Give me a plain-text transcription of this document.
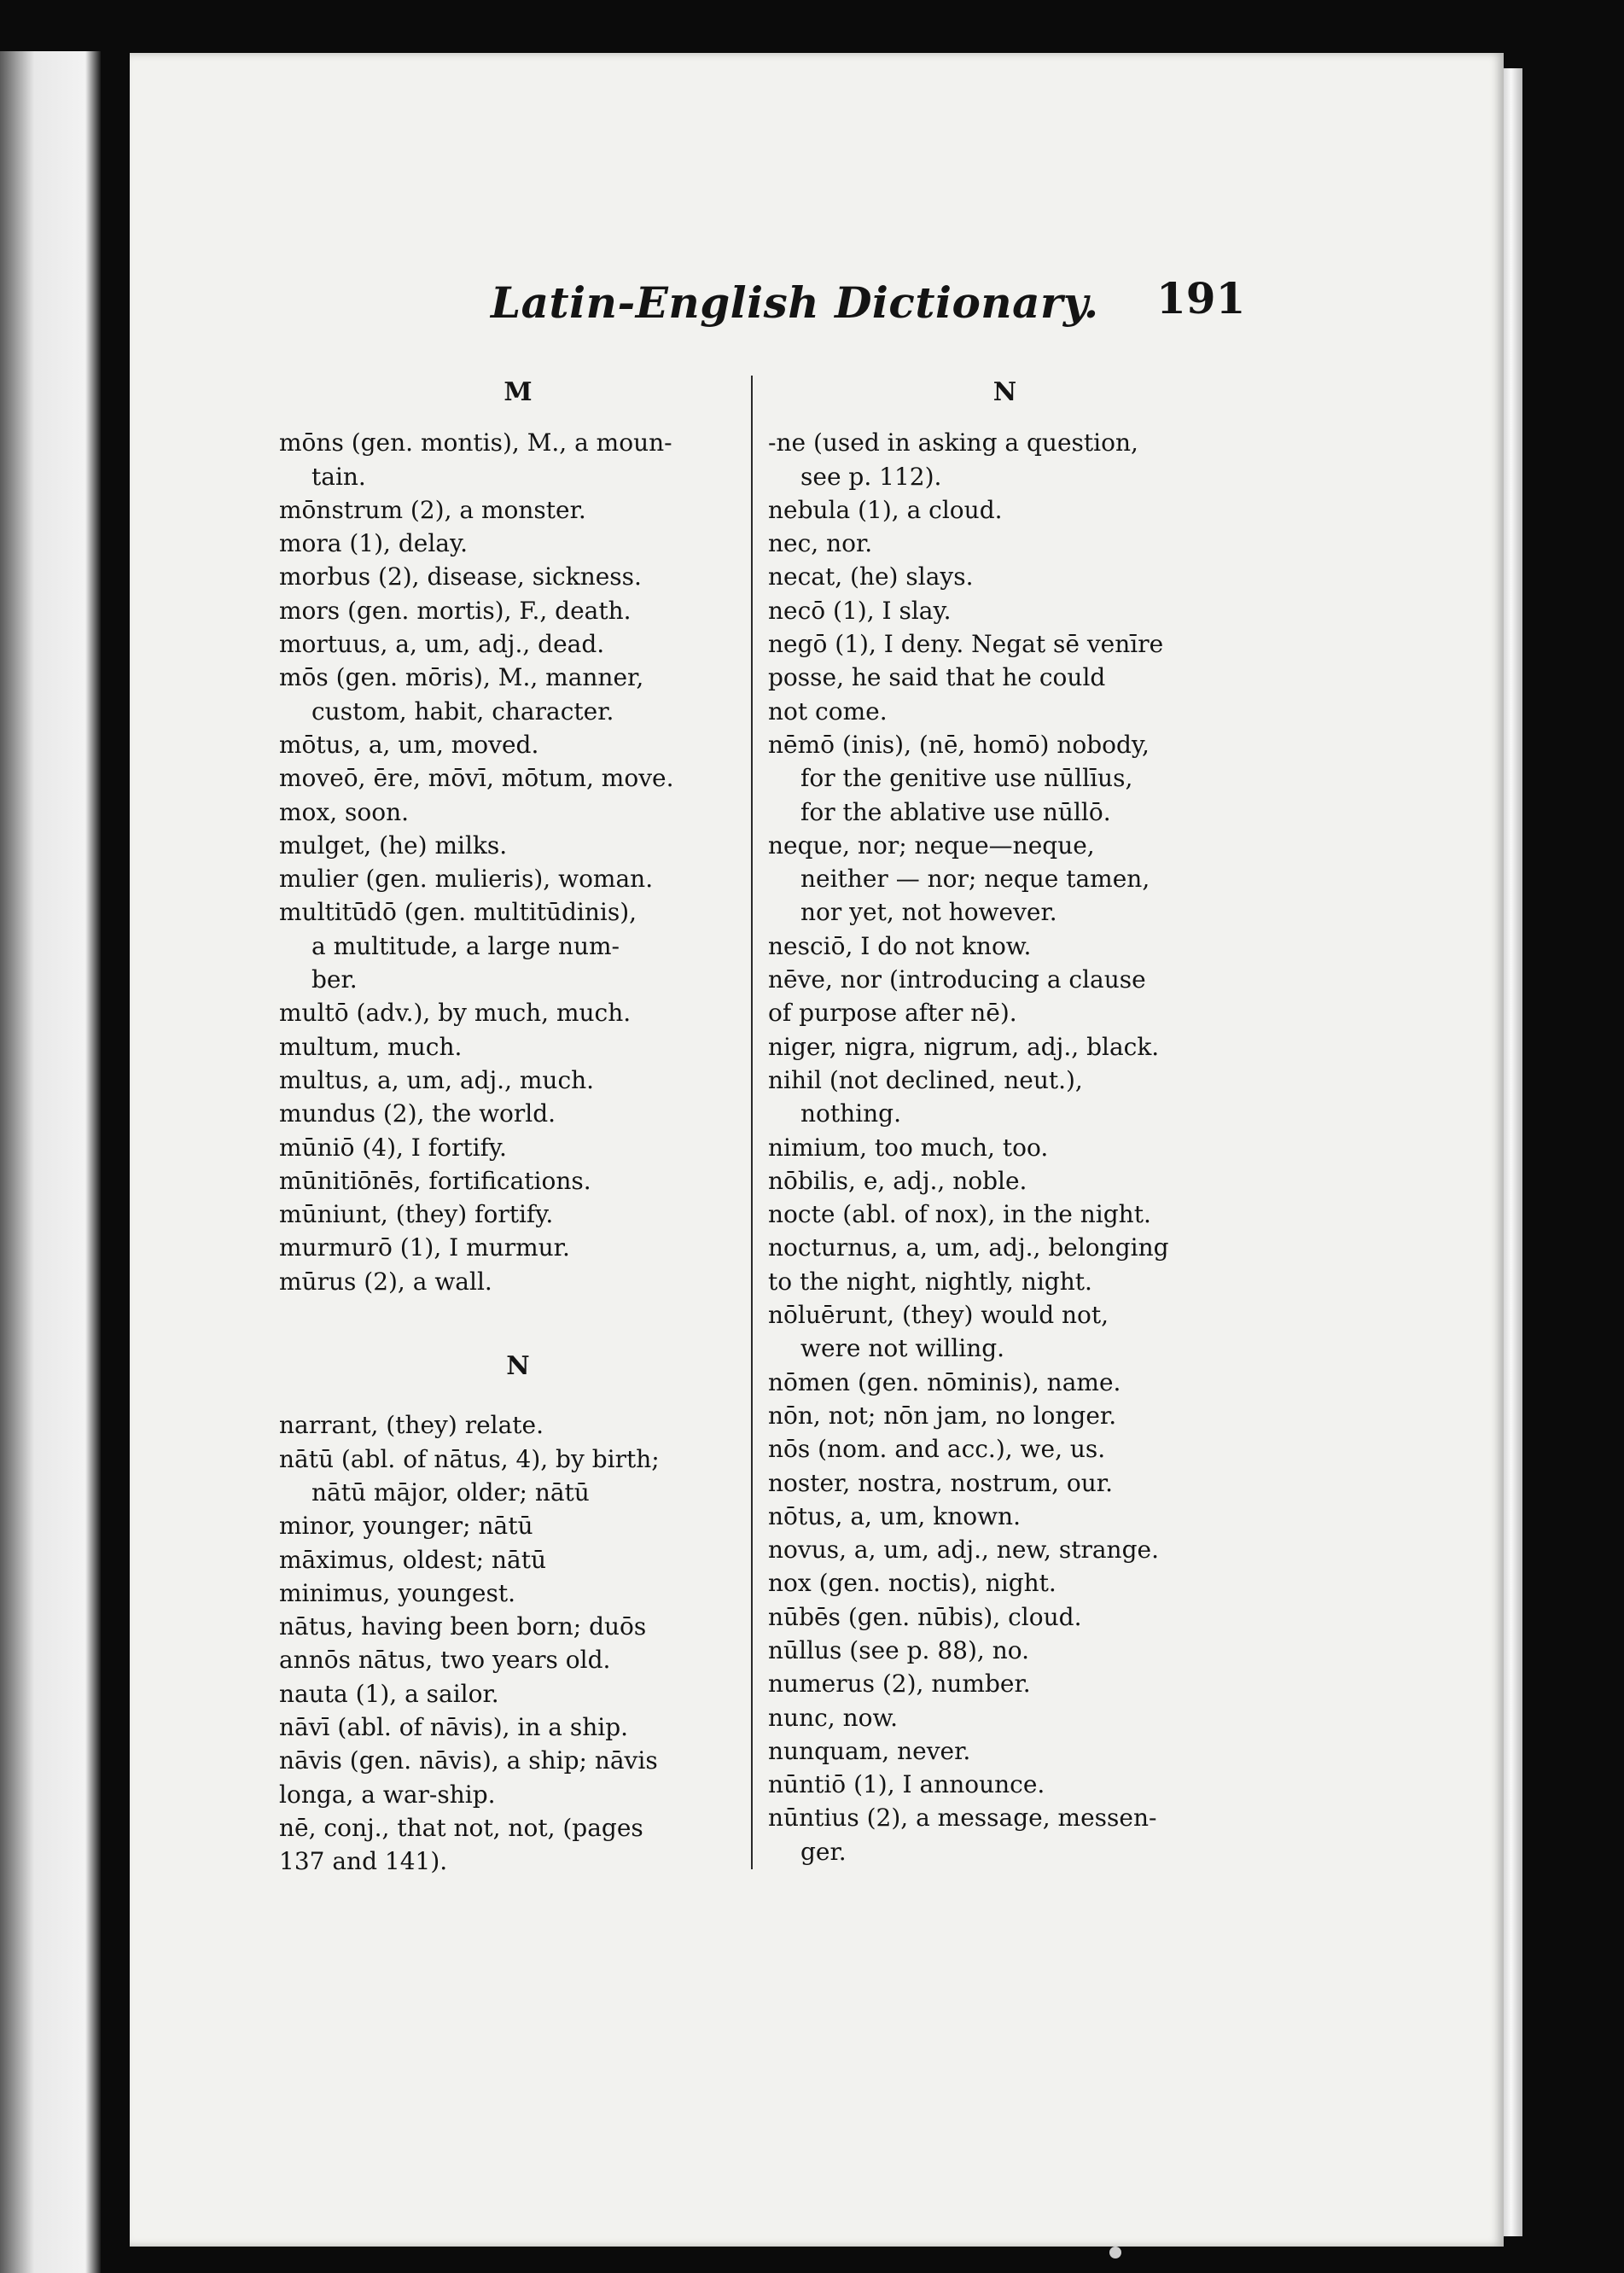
Latin-English Dictionary. 191
M
mōns (gen. montis), M., a moun-
tain.
mōnstrum (2), a monster.
mora (1), delay.
morbus (2), disease, sickness.
mors (gen. mortis), F., death.
mortuus, a, um, adj., dead.
mōs (gen. mōris), M., manner,
custom, habit, character.
mōtus, a, um, moved.
moveō, ēre, mōvī, mōtum, move.
mox, soon.
mulget, (he) milks.
mulier (gen. mulieris), woman.
multitūdō (gen. multitūdinis),
a multitude, a large num-
ber.
multō (adv.), by much, much.
multum, much.
multus, a, um, adj., much.
mundus (2), the world.
mūniō (4), I fortify.
mūnitiōnēs, fortifications.
mūniunt, (they) fortify.
murmurō (1), I murmur.
mūrus (2), a wall.
N
narrant, (they) relate.
nātū (abl. of nātus, 4), by birth;
nātū mājor, older; nātū
minor, younger; nātū
māximus, oldest; nātū
minimus, youngest.
nātus, having been born; duōs
annōs nātus, two years old.
nauta (1), a sailor.
nāvī (abl. of nāvis), in a ship.
nāvis (gen. nāvis), a ship; nāvis
longa, a war-ship.
nē, conj., that not, not, (pages
137 and 141).
N
-ne (used in asking a question,
see p. 112).
nebula (1), a cloud.
nec, nor.
necat, (he) slays.
necō (1), I slay.
negō (1), I deny. Negat sē venīre
posse, he said that he could
not come.
nēmō (inis), (nē, homō) nobody,
for the genitive use nūllīus,
for the ablative use nūllō.
neque, nor; neque—neque,
neither — nor; neque tamen,
nor yet, not however.
nesciō, I do not know.
nēve, nor (introducing a clause
of purpose after nē).
niger, nigra, nigrum, adj., black.
nihil (not declined, neut.),
nothing.
nimium, too much, too.
nōbilis, e, adj., noble.
nocte (abl. of nox), in the night.
nocturnus, a, um, adj., belonging
to the night, nightly, night.
nōluērunt, (they) would not,
were not willing.
nōmen (gen. nōminis), name.
nōn, not; nōn jam, no longer.
nōs (nom. and acc.), we, us.
noster, nostra, nostrum, our.
nōtus, a, um, known.
novus, a, um, adj., new, strange.
nox (gen. noctis), night.
nūbēs (gen. nūbis), cloud.
nūllus (see p. 88), no.
numerus (2), number.
nunc, now.
nunquam, never.
nūntiō (1), I announce.
nūntius (2), a message, messen-
ger.
